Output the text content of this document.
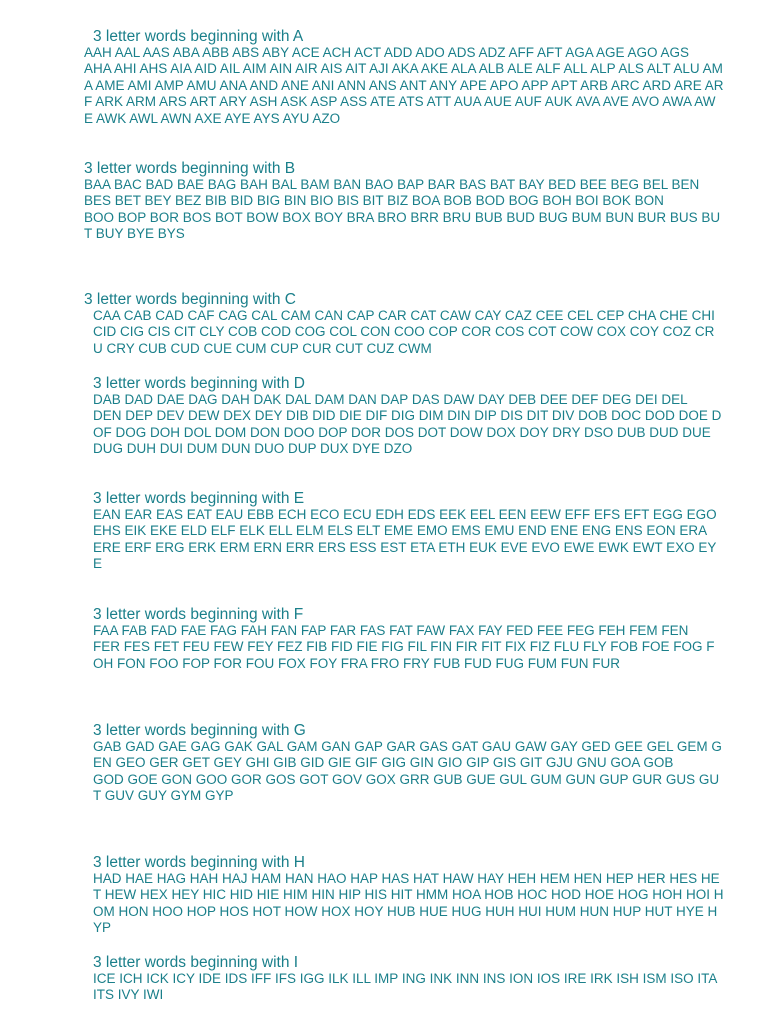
3 letter words beginning with A

AAH AAL AAS ABA ABB ABS ABY ACE ACH ACT ADD ADO ADS ADZ AFF AFT AGA AGE AGO AGS

AHA AHI AHS AIA AID AIL AIM AIN AIR AIS AIT AJI AKA AKE ALA ALB ALE ALF ALL ALP ALS ALT ALU AMA AME AMI AMP AMU ANA AND ANE ANI ANN ANS ANT ANY APE APO APP APT ARB ARC ARD ARE ARF ARK ARM ARS ART ARY ASH ASK ASP ASS ATE ATS ATT AUA AUE AUF AUK AVA AVE AVO AWA AWE AWK AWL AWN AXE AYE AYS AYU AZO

3 letter words beginning with B

BAA BAC BAD BAE BAG BAH BAL BAM BAN BAO BAP BAR BAS BAT BAY BED BEE BEG BEL BEN

BES BET BEY BEZ BIB BID BIG BIN BIO BIS BIT BIZ BOA BOB BOD BOG BOH BOI BOK BON

BOO BOP BOR BOS BOT BOW BOX BOY BRA BRO BRR BRU BUB BUD BUG BUM BUN BUR BUS BUT BUY BYE BYS

3 letter words beginning with C

CAA CAB CAD CAF CAG CAL CAM CAN CAP CAR CAT CAW CAY CAZ CEE CEL CEP CHA CHE CHI CID CIG CIS CIT CLY COB COD COG COL CON COO COP COR COS COT COW COX COY COZ CRU CRY CUB CUD CUE CUM CUP CUR CUT CUZ CWM

3 letter words beginning with D

DAB DAD DAE DAG DAH DAK DAL DAM DAN DAP DAS DAW DAY DEB DEE DEF DEG DEI DEL

DEN DEP DEV DEW DEX DEY DIB DID DIE DIF DIG DIM DIN DIP DIS DIT DIV DOB DOC DOD DOE DOF DOG DOH DOL DOM DON DOO DOP DOR DOS DOT DOW DOX DOY DRY DSO DUB DUD DUE DUG DUH DUI DUM DUN DUO DUP DUX DYE DZO

3 letter words beginning with E

EAN EAR EAS EAT EAU EBB ECH ECO ECU EDH EDS EEK EEL EEN EEW EFF EFS EFT EGG EGO EHS EIK EKE ELD ELF ELK ELL ELM ELS ELT EME EMO EMS EMU END ENE ENG ENS EON ERA

ERE ERF ERG ERK ERM ERN ERR ERS ESS EST ETA ETH EUK EVE EVO EWE EWK EWT EXO EYE

3 letter words beginning with F

FAA FAB FAD FAE FAG FAH FAN FAP FAR FAS FAT FAW FAX FAY FED FEE FEG FEH FEM FEN

FER FES FET FEU FEW FEY FEZ FIB FID FIE FIG FIL FIN FIR FIT FIX FIZ FLU FLY FOB FOE FOG FOH FON FOO FOP FOR FOU FOX FOY FRA FRO FRY FUB FUD FUG FUM FUN FUR

3 letter words beginning with G

GAB GAD GAE GAG GAK GAL GAM GAN GAP GAR GAS GAT GAU GAW GAY GED GEE GEL GEM GEN GEO GER GET GEY GHI GIB GID GIE GIF GIG GIN GIO GIP GIS GIT GJU GNU GOA GOB

GOD GOE GON GOO GOR GOS GOT GOV GOX GRR GUB GUE GUL GUM GUN GUP GUR GUS GUT GUV GUY GYM GYP

3 letter words beginning with H

HAD HAE HAG HAH HAJ HAM HAN HAO HAP HAS HAT HAW HAY HEH HEM HEN HEP HER HES HET HEW HEX HEY HIC HID HIE HIM HIN HIP HIS HIT HMM HOA HOB HOC HOD HOE HOG HOH HOI HOM HON HOO HOP HOS HOT HOW HOX HOY HUB HUE HUG HUH HUI HUM HUN HUP HUT HYE HYP

3 letter words beginning with I

ICE ICH ICK ICY IDE IDS IFF IFS IGG ILK ILL IMP ING INK INN INS ION IOS IRE IRK ISH ISM ISO ITA ITS IVY IWI
